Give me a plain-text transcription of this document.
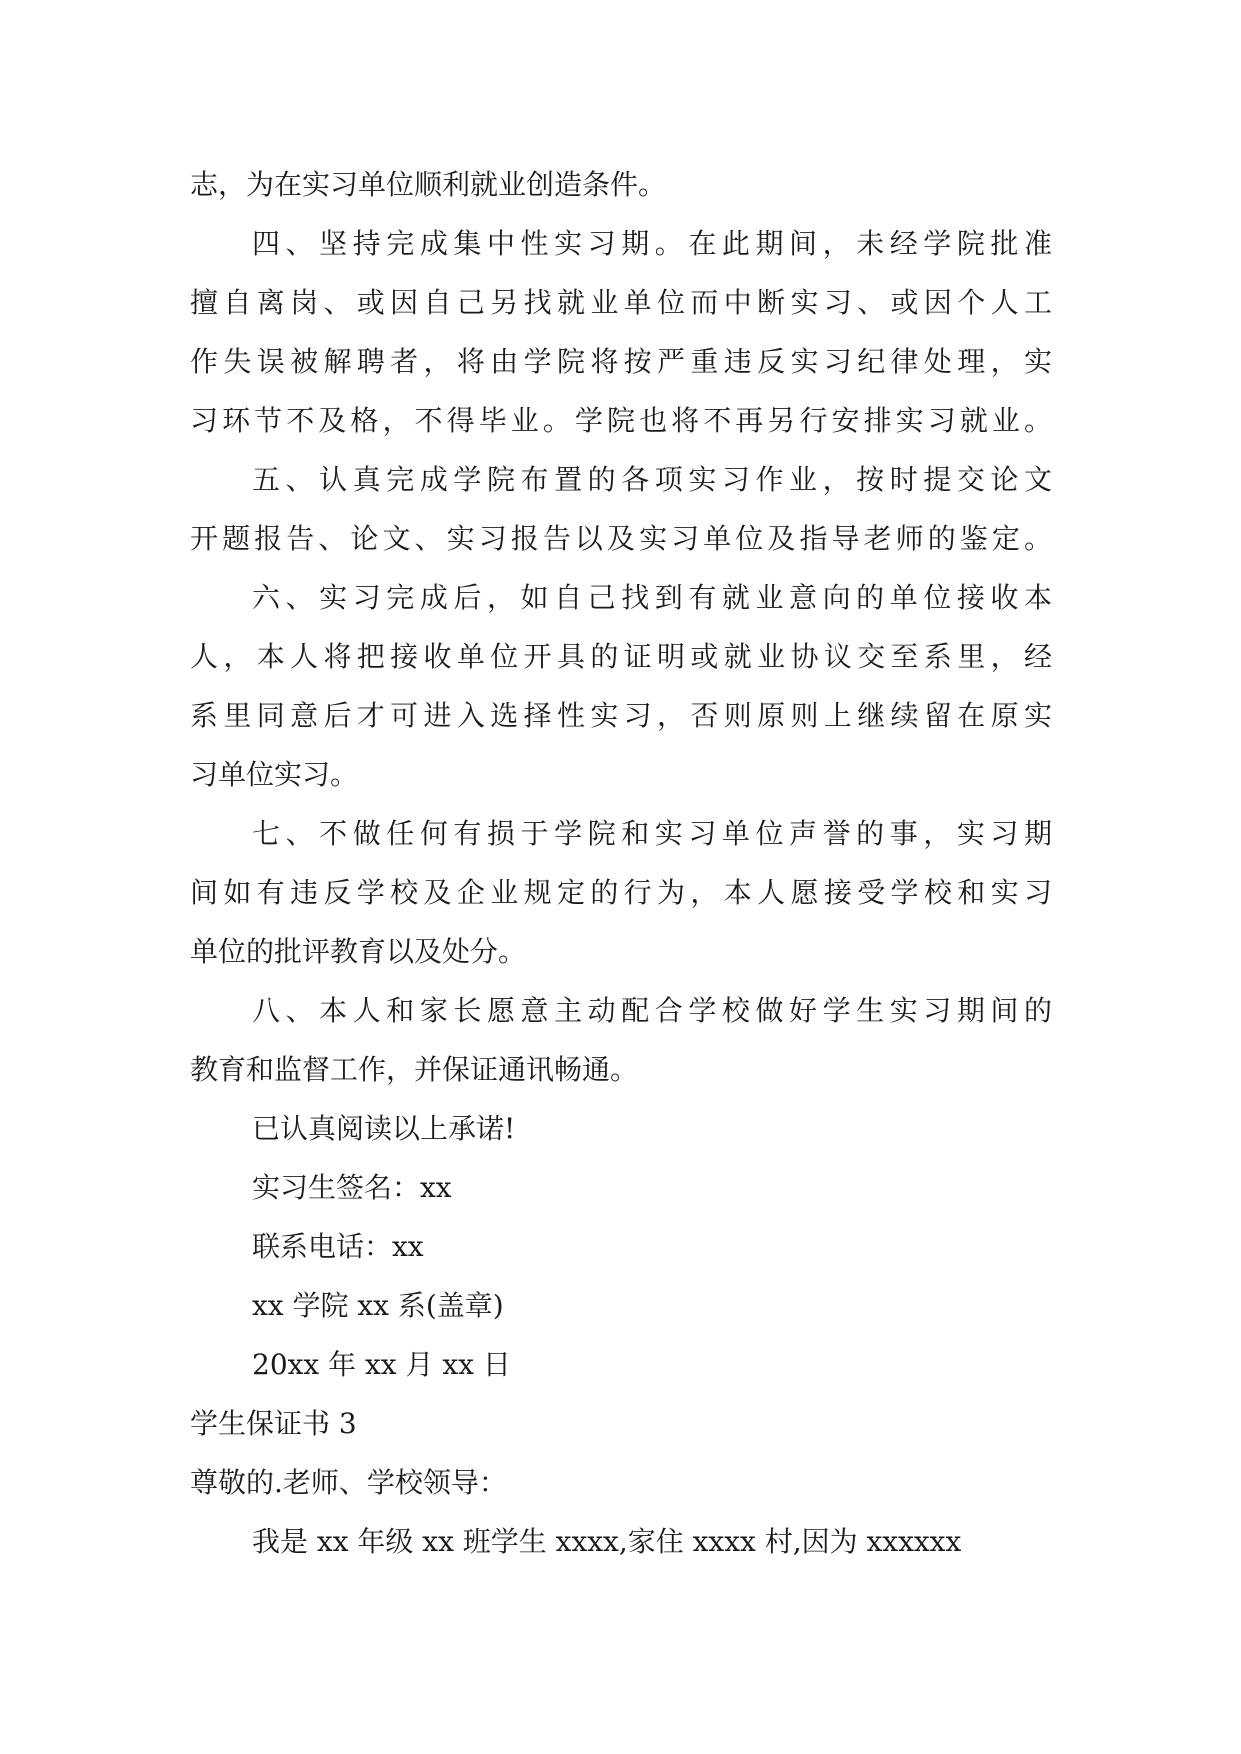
志，为在实习单位顺利就业创造条件。
四、坚持完成集中性实习期。在此期间，未经学院批准
擅自离岗、或因自己另找就业单位而中断实习、或因个人工
作失误被解聘者，将由学院将按严重违反实习纪律处理，实
习环节不及格，不得毕业。学院也将不再另行安排实习就业。
五、认真完成学院布置的各项实习作业，按时提交论文
开题报告、论文、实习报告以及实习单位及指导老师的鉴定。
六、实习完成后，如自己找到有就业意向的单位接收本
人，本人将把接收单位开具的证明或就业协议交至系里，经
系里同意后才可进入选择性实习，否则原则上继续留在原实
习单位实习。
七、不做任何有损于学院和实习单位声誉的事，实习期
间如有违反学校及企业规定的行为，本人愿接受学校和实习
单位的批评教育以及处分。
八、本人和家长愿意主动配合学校做好学生实习期间的
教育和监督工作，并保证通讯畅通。
已认真阅读以上承诺!
实习生签名：xx
联系电话：xx
xx 学院 xx 系(盖章)
20xx 年 xx 月 xx 日
学生保证书 3
尊敬的.老师、学校领导：
我是 xx 年级 xx 班学生 xxxx,家住 xxxx 村,因为 xxxxxx
